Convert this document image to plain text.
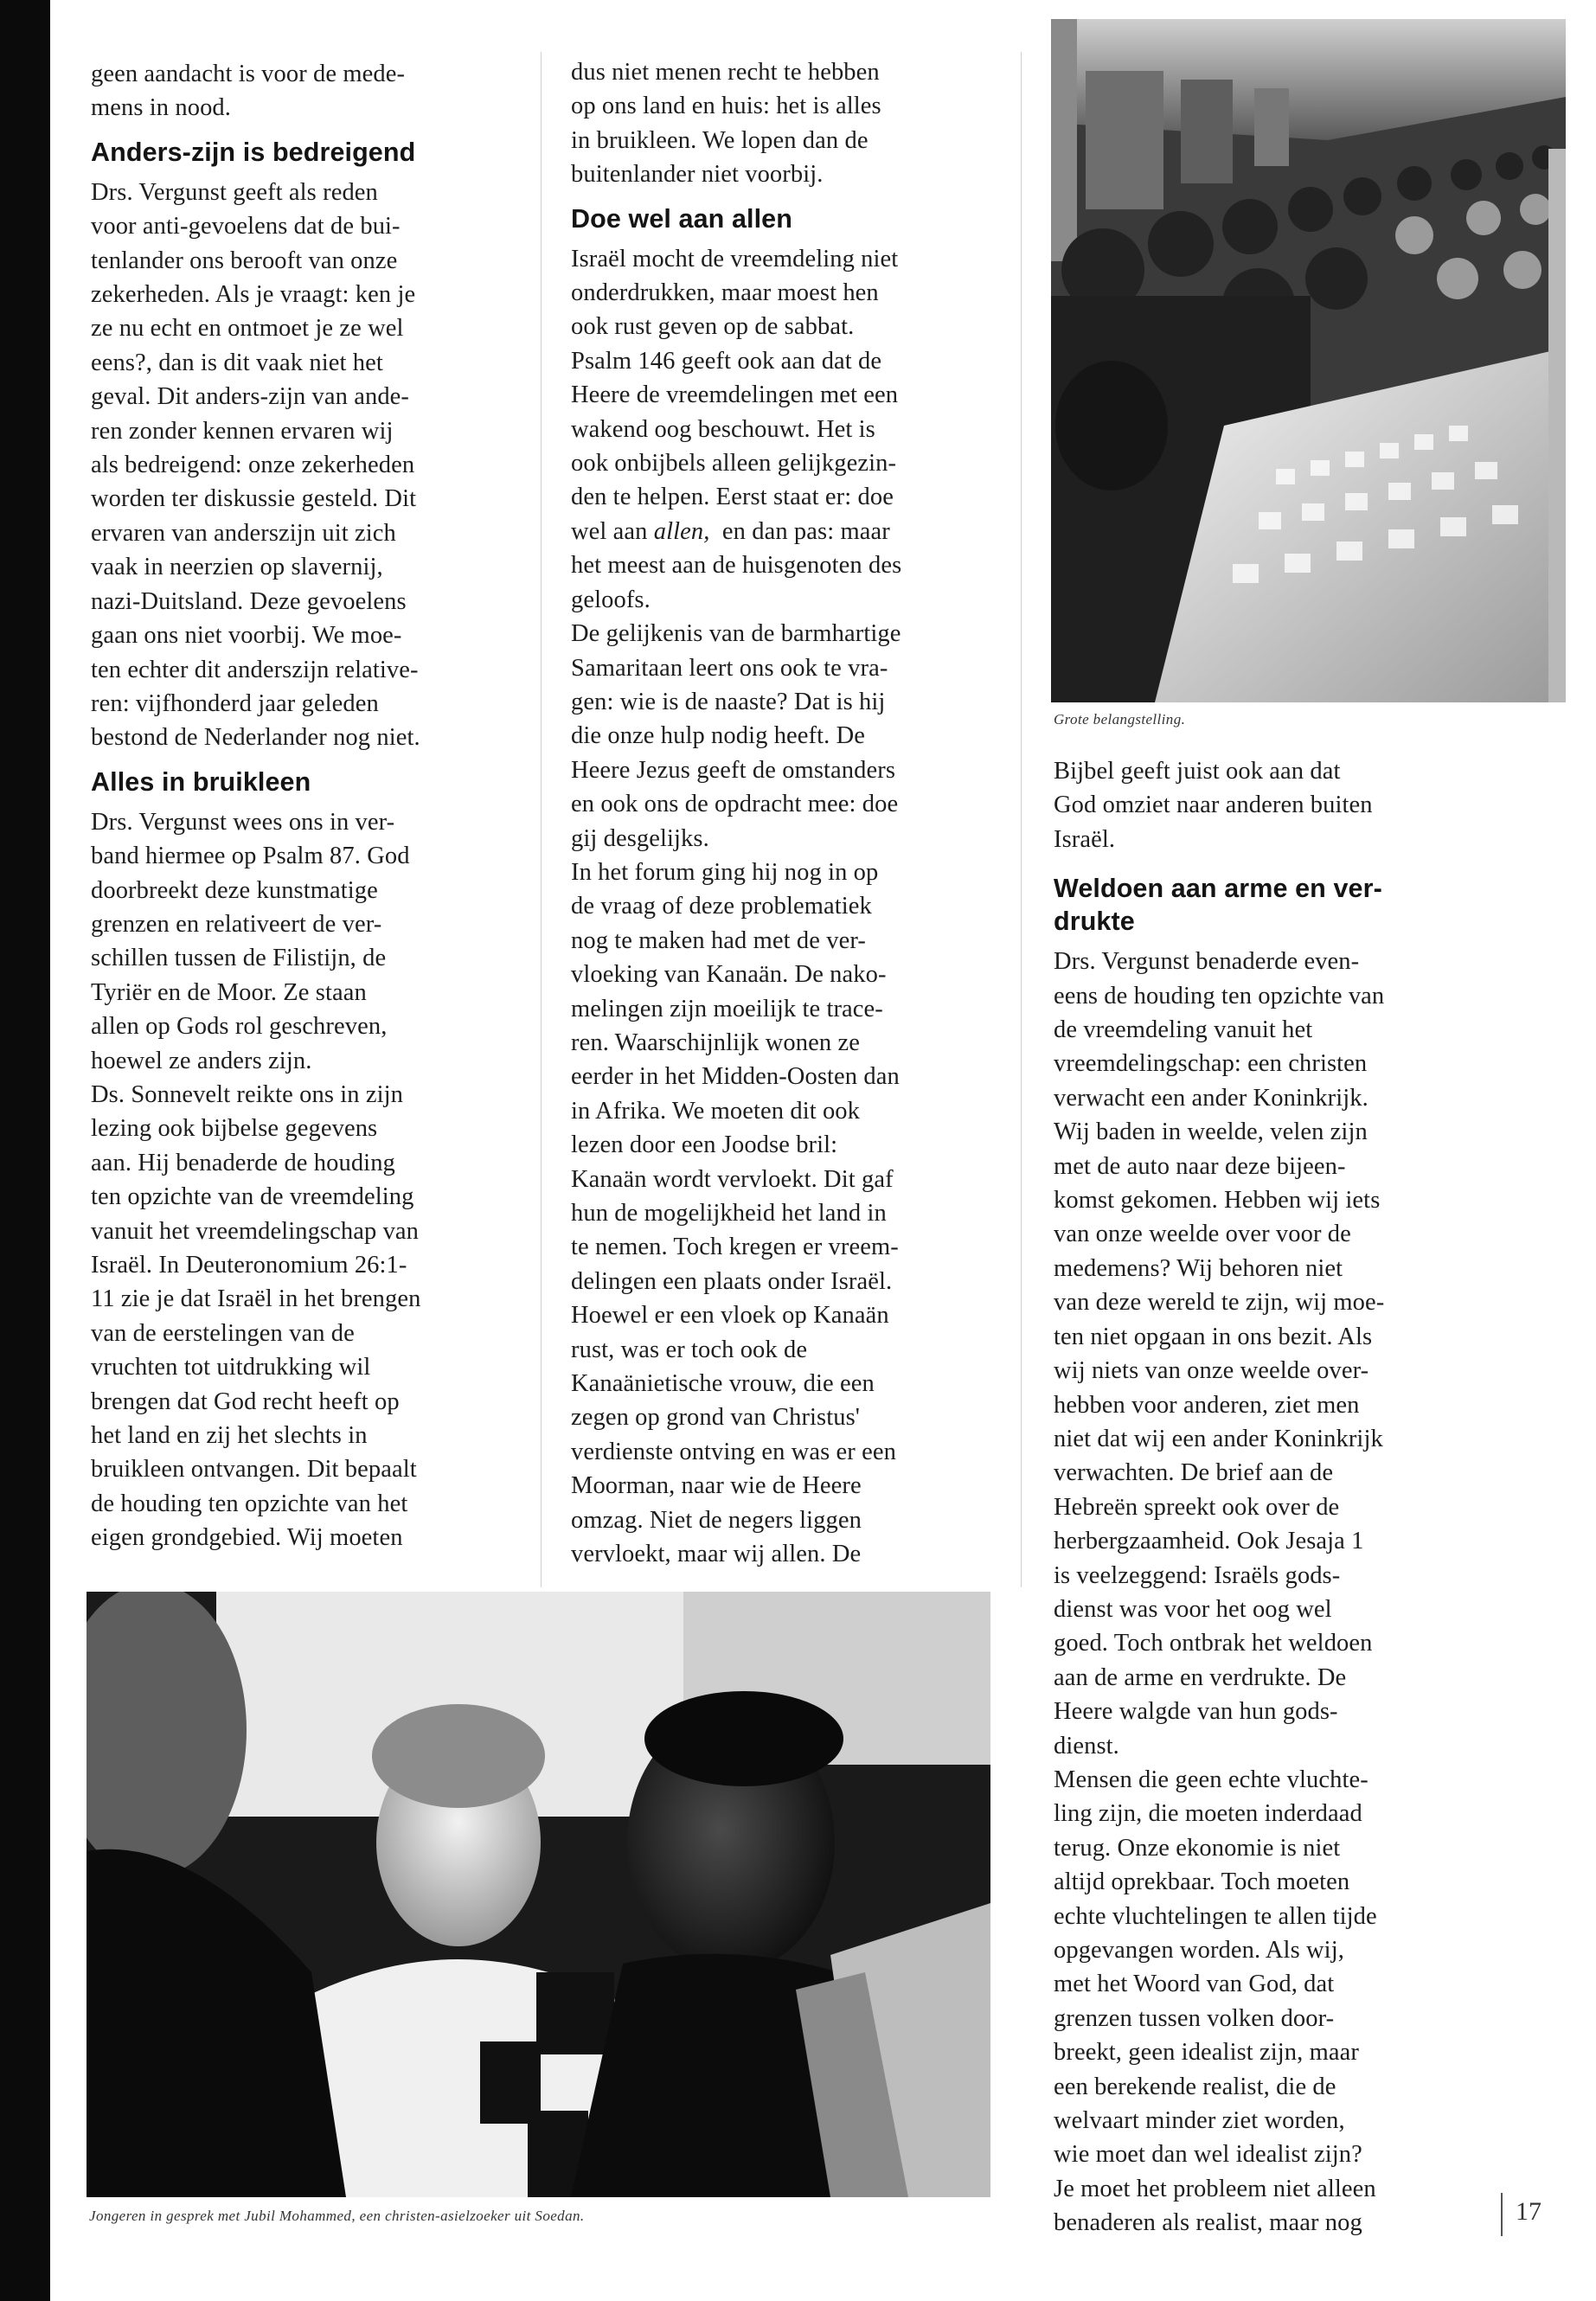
geen aandacht is voor de mede-
mens in nood.

Anders-zijn is bedreigend

Drs. Vergunst geeft als reden
voor anti-gevoelens dat de bui-
tenlander ons berooft van onze
zekerheden. Als je vraagt: ken je
ze nu echt en ontmoet je ze wel
eens?, dan is dit vaak niet het
geval. Dit anders-zijn van ande-
ren zonder kennen ervaren wij
als bedreigend: onze zekerheden
worden ter diskussie gesteld. Dit
ervaren van anderszijn uit zich
vaak in neerzien op slavernij,
nazi-Duitsland. Deze gevoelens
gaan ons niet voorbij. We moe-
ten echter dit anderszijn relative-
ren: vijfhonderd jaar geleden
bestond de Nederlander nog niet.

Alles in bruikleen

Drs. Vergunst wees ons in ver-
band hiermee op Psalm 87. God
doorbreekt deze kunstmatige
grenzen en relativeert de ver-
schillen tussen de Filistijn, de
Tyriër en de Moor. Ze staan
allen op Gods rol geschreven,
hoewel ze anders zijn.

Ds. Sonnevelt reikte ons in zijn
lezing ook bijbelse gegevens
aan. Hij benaderde de houding
ten opzichte van de vreemdeling
vanuit het vreemdelingschap van
Israël. In Deuteronomium 26:1-
11 zie je dat Israël in het brengen
van de eerstelingen van de
vruchten tot uitdrukking wil
brengen dat God recht heeft op
het land en zij het slechts in
bruikleen ontvangen. Dit bepaalt
de houding ten opzichte van het
eigen grondgebied. Wij moeten

dus niet menen recht te hebben
op ons land en huis: het is alles
in bruikleen. We lopen dan de
buitenlander niet voorbij.

Doe wel aan allen

Israël mocht de vreemdeling niet
onderdrukken, maar moest hen
ook rust geven op de sabbat.
Psalm 146 geeft ook aan dat de
Heere de vreemdelingen met een
wakend oog beschouwt. Het is
ook onbijbels alleen gelijkgezin-
den te helpen. Eerst staat er: doe
wel aan allen,  en dan pas: maar
het meest aan de huisgenoten des
geloofs.

De gelijkenis van de barmhartige
Samaritaan leert ons ook te vra-
gen: wie is de naaste? Dat is hij
die onze hulp nodig heeft. De
Heere Jezus geeft de omstanders
en ook ons de opdracht mee: doe
gij desgelijks.

In het forum ging hij nog in op
de vraag of deze problematiek
nog te maken had met de ver-
vloeking van Kanaän. De nako-
melingen zijn moeilijk te trace-
ren. Waarschijnlijk wonen ze
eerder in het Midden-Oosten dan
in Afrika. We moeten dit ook
lezen door een Joodse bril:
Kanaän wordt vervloekt. Dit gaf
hun de mogelijkheid het land in
te nemen. Toch kregen er vreem-
delingen een plaats onder Israël.
Hoewel er een vloek op Kanaän
rust, was er toch ook de
Kanaänietische vrouw, die een
zegen op grond van Christus'
verdienste ontving en was er een
Moorman, naar wie de Heere
omzag. Niet de negers liggen
vervloekt, maar wij allen. De

Grote belangstelling.

Bijbel geeft juist ook aan dat
God omziet naar anderen buiten
Israël.

Weldoen aan arme en ver-
drukte

Drs. Vergunst benaderde even-
eens de houding ten opzichte van
de vreemdeling vanuit het
vreemdelingschap: een christen
verwacht een ander Koninkrijk.
Wij baden in weelde, velen zijn
met de auto naar deze bijeen-
komst gekomen. Hebben wij iets
van onze weelde over voor de
medemens? Wij behoren niet
van deze wereld te zijn, wij moe-
ten niet opgaan in ons bezit. Als
wij niets van onze weelde over-
hebben voor anderen, ziet men
niet dat wij een ander Koninkrijk
verwachten. De brief aan de
Hebreën spreekt ook over de
herbergzaamheid. Ook Jesaja 1
is veelzeggend: Israëls gods-
dienst was voor het oog wel
goed. Toch ontbrak het weldoen
aan de arme en verdrukte. De
Heere walgde van hun gods-
dienst.

Mensen die geen echte vluchte-
ling zijn, die moeten inderdaad
terug. Onze ekonomie is niet
altijd oprekbaar. Toch moeten
echte vluchtelingen te allen tijde
opgevangen worden. Als wij,
met het Woord van God, dat
grenzen tussen volken door-
breekt, geen idealist zijn, maar
een berekende realist, die de
welvaart minder ziet worden,
wie moet dan wel idealist zijn?
Je moet het probleem niet alleen
benaderen als realist, maar nog

Jongeren in gesprek met Jubil Mohammed, een christen-asielzoeker uit Soedan.	17
